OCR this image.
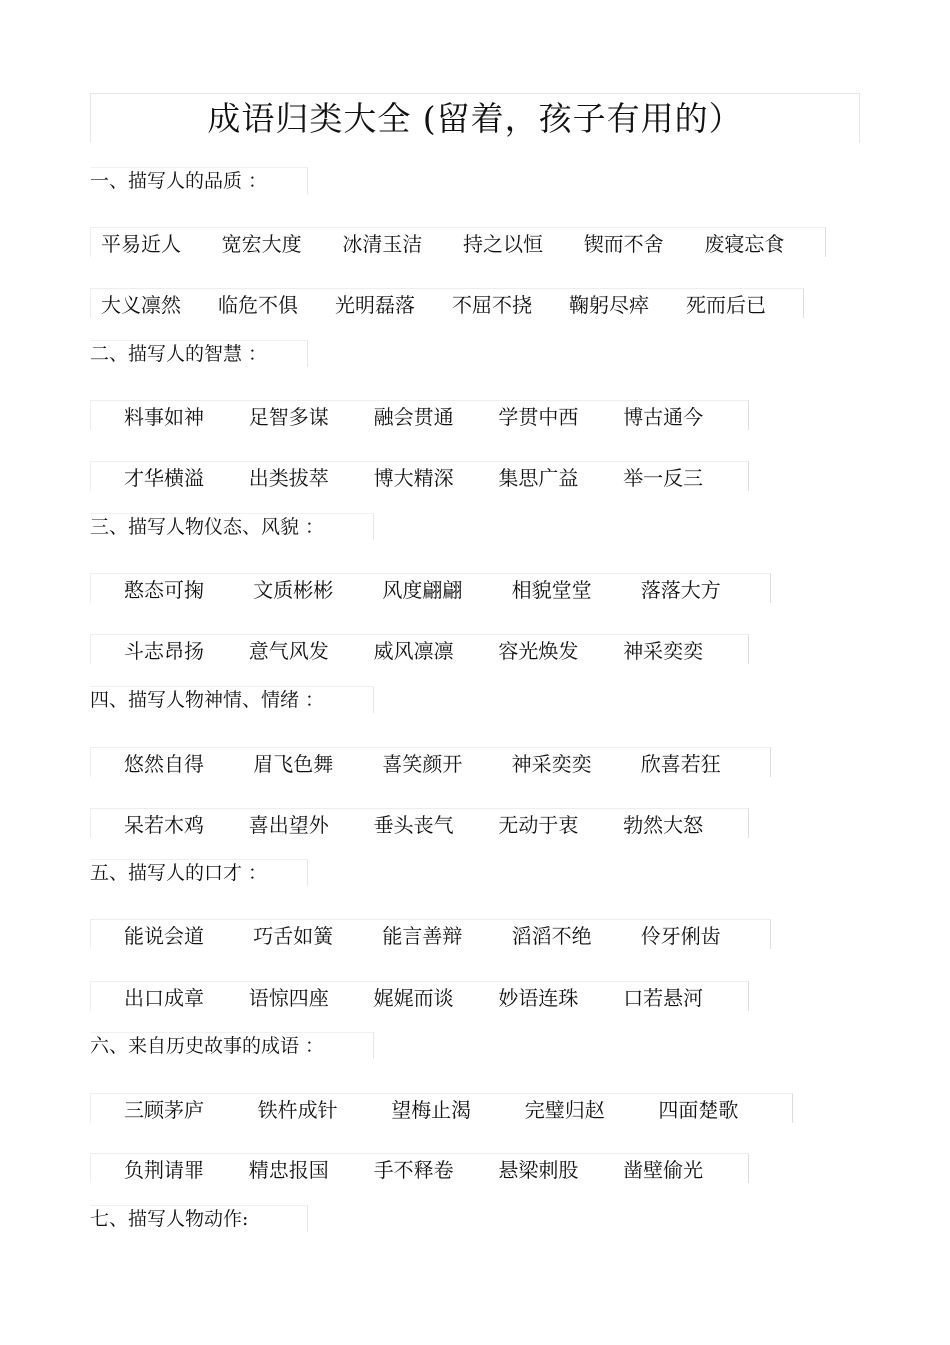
成语归类大全 (留着，孩子有用的）
一、描写人的品质 ：
平易近人	宽宏大度	冰清玉洁	持之以恒	锲而不舍	废寝忘食
大义凛然	临危不俱	光明磊落	不屈不挠	鞠躬尽瘁	死而后已
二、描写人的智慧 ：
料事如神	足智多谋	融会贯通	学贯中西	博古通今
才华横溢	出类拔萃	博大精深	集思广益	举一反三
三、描写人物仪态、风貌 ：
憨态可掬	文质彬彬	风度翩翩	相貌堂堂	落落大方
斗志昂扬	意气风发	威风凛凛	容光焕发	神采奕奕
四、描写人物神情、情绪 ：
悠然自得	眉飞色舞	喜笑颜开	神采奕奕	欣喜若狂
呆若木鸡	喜出望外	垂头丧气	无动于衷	勃然大怒
五、描写人的口才 ：
能说会道	巧舌如簧	能言善辩	滔滔不绝	伶牙俐齿
出口成章	语惊四座	娓娓而谈	妙语连珠	口若悬河
六、来自历史故事的成语 ：
三顾茅庐	铁杵成针	望梅止渴	完璧归赵	四面楚歌
负荆请罪	精忠报国	手不释卷	悬梁刺股	凿壁偷光
七、描写人物动作:
